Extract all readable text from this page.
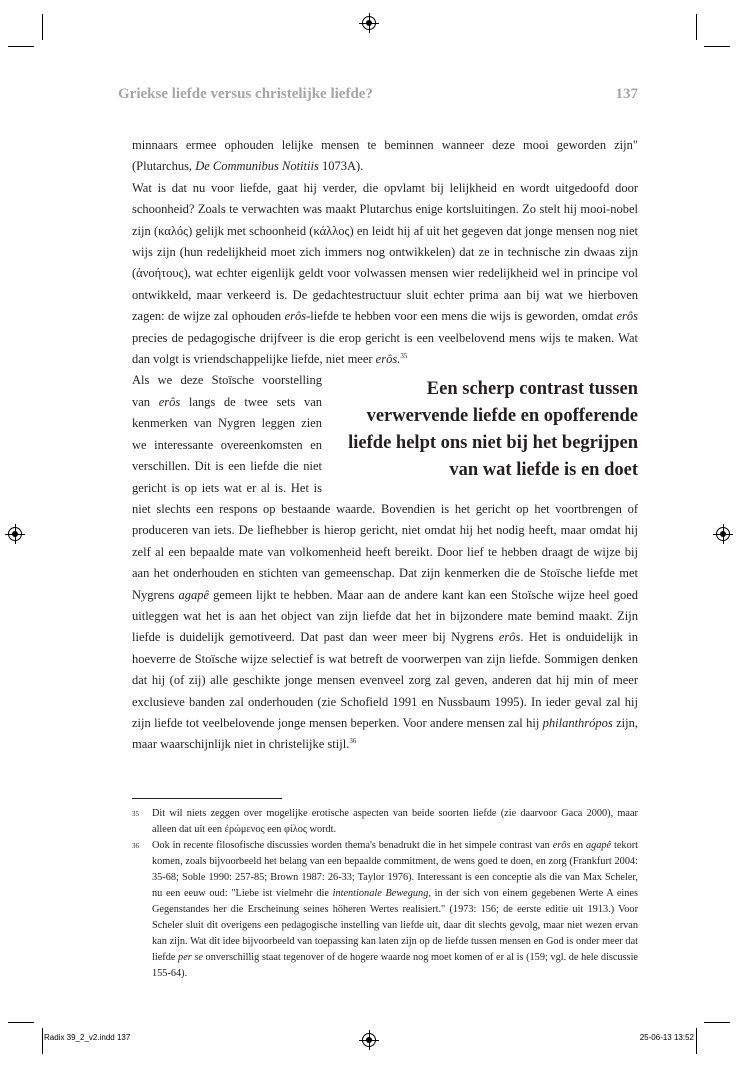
Griekse liefde versus christelijke liefde?	137

minnaars ermee ophouden lelijke mensen te beminnen wanneer deze mooi geworden zijn" (Plutarchus, De Communibus Notitiis 1073A).

Wat is dat nu voor liefde, gaat hij verder, die opvlamt bij lelijkheid en wordt uitgedoofd door schoonheid? Zoals te verwachten was maakt Plutarchus enige kortsluitingen. Zo stelt hij mooi-nobel zijn (καλός) gelijk met schoonheid (κάλλος) en leidt hij af uit het gegeven dat jonge mensen nog niet wijs zijn (hun redelijkheid moet zich immers nog ontwikkelen) dat ze in technische zin dwaas zijn (ἀνοήτους), wat echter eigenlijk geldt voor volwassen mensen wier redelijkheid wel in principe vol ontwikkeld, maar verkeerd is. De gedachtestructuur sluit echter prima aan bij wat we hierboven zagen: de wijze zal ophouden erôs-liefde te hebben voor een mens die wijs is geworden, omdat erôs precies de pedagogische drijfveer is die erop gericht is een veelbelovend mens wijs te maken. Wat dan volgt is vriendschappelijke liefde, niet meer erôs.$^{35}$

Een scherp contrast tussen verwervende liefde en opofferende liefde helpt ons niet bij het begrijpen van wat liefde is en doet

Als we deze Stoïsche voorstelling van erôs langs de twee sets van kenmerken van Nygren leggen zien we interessante overeenkomsten en verschillen. Dit is een liefde die niet gericht is op iets wat er al is. Het is niet slechts een respons op bestaande waarde. Bovendien is het gericht op het voortbrengen of produceren van iets. De liefhebber is hierop gericht, niet omdat hij het nodig heeft, maar omdat hij zelf al een bepaalde mate van volkomenheid heeft bereikt. Door lief te hebben draagt de wijze bij aan het onderhouden en stichten van gemeenschap. Dat zijn kenmerken die de Stoïsche liefde met Nygrens agapê gemeen lijkt te hebben. Maar aan de andere kant kan een Stoïsche wijze heel goed uitleggen wat het is aan het object van zijn liefde dat het in bijzondere mate bemind maakt. Zijn liefde is duidelijk gemotiveerd. Dat past dan weer meer bij Nygrens erôs. Het is onduidelijk in hoeverre de Stoïsche wijze selectief is wat betreft de voorwerpen van zijn liefde. Sommigen denken dat hij (of zij) alle geschikte jonge mensen evenveel zorg zal geven, anderen dat hij min of meer exclusieve banden zal onderhouden (zie Schofield 1991 en Nussbaum 1995). In ieder geval zal hij zijn liefde tot veelbelovende jonge mensen beperken. Voor andere mensen zal hij philanthrópos zijn, maar waarschijnlijk niet in christelijke stijl.$^{36}$

35 Dit wil niets zeggen over mogelijke erotische aspecten van beide soorten liefde (zie daarvoor Gaca 2000), maar alleen dat uit een ἐρώμενος een φίλος wordt.
36 Ook in recente filosofische discussies worden thema's benadrukt die in het simpele contrast van erôs en agapê tekort komen, zoals bijvoorbeeld het belang van een bepaalde commitment, de wens goed te doen, en zorg (Frankfurt 2004: 35-68; Soble 1990: 257-85; Brown 1987: 26-33; Taylor 1976). Interessant is een conceptie als die van Max Scheler, nu een eeuw oud: "Liebe ist vielmehr die intentionale Bewegung, in der sich von einem gegebenen Werte A eines Gegenstandes her die Erscheinung seines höheren Wertes realisiert." (1973: 156; de eerste editie uit 1913.) Voor Scheler sluit dit overigens een pedagogische instelling van liefde uit, daar dit slechts gevolg, maar niet wezen ervan kan zijn. Wat dit idee bijvoorbeeld van toepassing kan laten zijn op de liefde tussen mensen en God is onder meer dat liefde per se onverschillig staat tegenover of de hogere waarde nog moet komen of er al is (159; vgl. de hele discussie 155-64).
Radix 39_2_v2.indd 137	25-06-13 13:52
